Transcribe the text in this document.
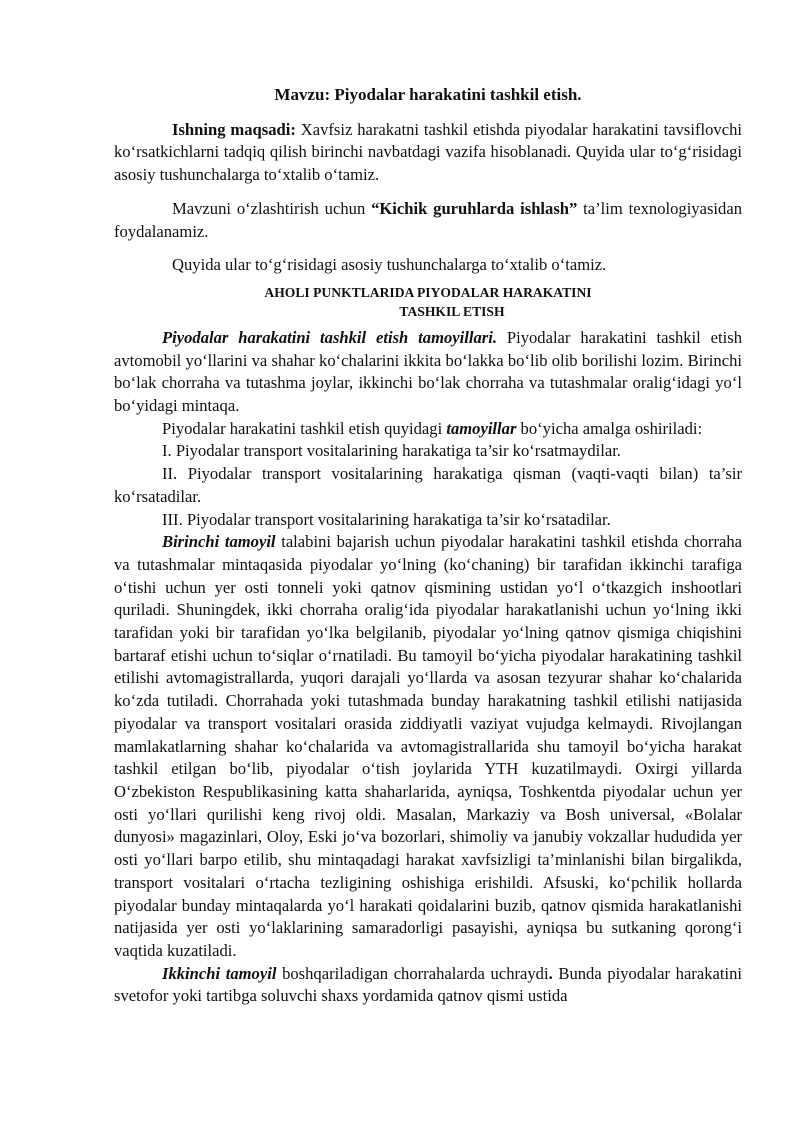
Mavzu: Piyodalar harakatini tashkil etish.

Ishning maqsadi: Xavfsiz harakatni tashkil etishda piyodalar harakatini tavsiflovchi ko‘rsatkichlarni tadqiq qilish birinchi navbatdagi vazifa hisoblanadi. Quyida ular to‘g‘risidagi asosiy tushunchalarga to‘xtalib o‘tamiz.

Mavzuni o‘zlashtirish uchun “Kichik guruhlarda ishlash” ta’lim texnologiyasidan foydalanamiz.

Quyida ular to‘g‘risidagi asosiy tushunchalarga to‘xtalib o‘tamiz.

AHOLI PUNKTLARIDA PIYODALAR HARAKATINI
TASHKIL ETISH

Piyodalar harakatini tashkil etish tamoyillari. Piyodalar harakatini tashkil etish avtomobil yo‘llarini va shahar ko‘chalarini ikkita bo‘lakka bo‘lib olib borilishi lozim. Birinchi bo‘lak chorraha va tutashma joylar, ikkinchi bo‘lak chorraha va tutashmalar oralig‘idagi yo‘l bo‘yidagi mintaqa.

Piyodalar harakatini tashkil etish quyidagi tamoyillar bo‘yicha amalga oshiriladi:

I. Piyodalar transport vositalarining harakatiga ta’sir ko‘rsatmaydilar.

II. Piyodalar transport vositalarining harakatiga qisman (vaqti-vaqti bilan) ta’sir ko‘rsatadilar.

III. Piyodalar transport vositalarining harakatiga ta’sir ko‘rsatadilar.

Birinchi tamoyil talabini bajarish uchun piyodalar harakatini tashkil etishda chorraha va tutashmalar mintaqasida piyodalar yo‘lning (ko‘chaning) bir tarafidan ikkinchi tarafiga o‘tishi uchun yer osti tonneli yoki qatnov qismining ustidan yo‘l o‘tkazgich inshootlari quriladi. Shuningdek, ikki chorraha oralig‘ida piyodalar harakatlanishi uchun yo‘lning ikki tarafidan yoki bir tarafidan yo‘lka belgilanib, piyodalar yo‘lning qatnov qismiga chiqishini bartaraf etishi uchun to‘siqlar o‘rnatiladi. Bu tamoyil bo‘yicha piyodalar harakatining tashkil etilishi avtomagistrallarda, yuqori darajali yo‘llarda va asosan tezyurar shahar ko‘chalarida ko‘zda tutiladi. Chorrahada yoki tutashmada bunday harakatning tashkil etilishi natijasida piyodalar va transport vositalari orasida ziddiyatli vaziyat vujudga kelmaydi. Rivojlangan mamlakatlarning shahar ko‘chalarida va avtomagistrallarida shu tamoyil bo‘yicha harakat tashkil etilgan bo‘lib, piyodalar o‘tish joylarida YTH kuzatilmaydi. Oxirgi yillarda O‘zbekiston Respublikasining katta shaharlarida, ayniqsa, Toshkentda piyodalar uchun yer osti yo‘llari qurilishi keng rivoj oldi. Masalan, Markaziy va Bosh universal, «Bolalar dunyosi» magazinlari, Oloy, Eski jo‘va bozorlari, shimoliy va janubiy vokzallar hududida yer osti yo‘llari barpo etilib, shu mintaqadagi harakat xavfsizligi ta’minlanishi bilan birgalikda, transport vositalari o‘rtacha tezligining oshishiga erishildi. Afsuski, ko‘pchilik hollarda piyodalar bunday mintaqalarda yo‘l harakati qoidalarini buzib, qatnov qismida harakatlanishi natijasida yer osti yo‘laklarining samaradorligi pasayishi, ayniqsa bu sutkaning qorong‘i vaqtida kuzatiladi.

Ikkinchi tamoyil boshqariladigan chorrahalarda uchraydi. Bunda piyodalar harakatini svetofor yoki tartibga soluvchi shaxs yordamida qatnov qismi ustida
